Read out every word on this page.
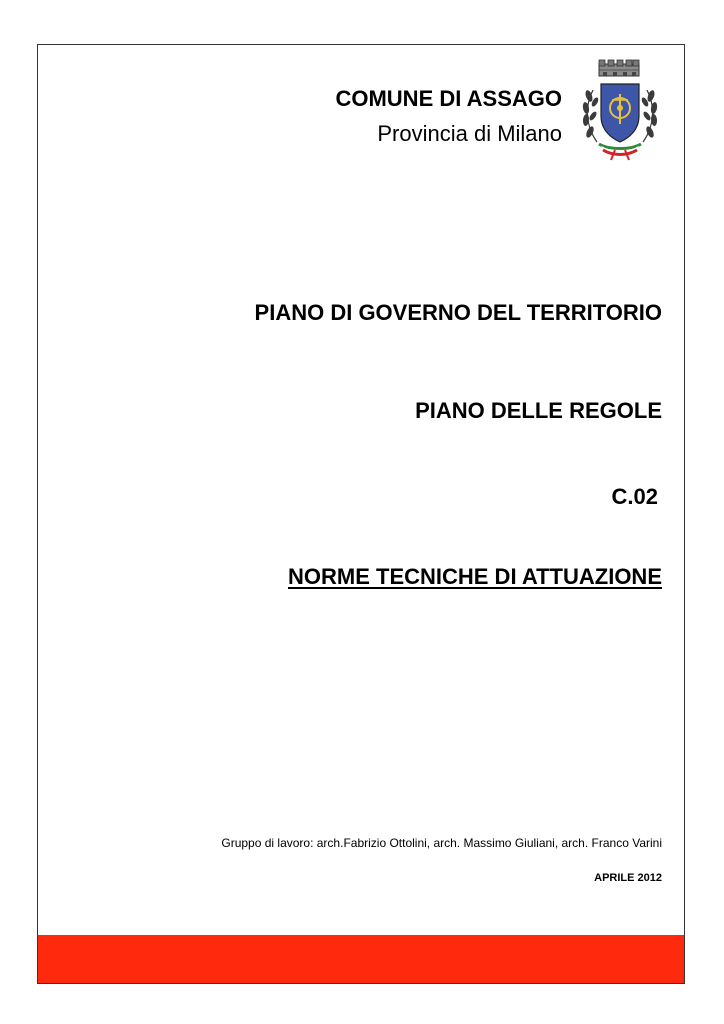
COMUNE DI ASSAGO
Provincia di Milano
PIANO DI GOVERNO DEL TERRITORIO
PIANO DELLE REGOLE
C.02
NORME TECNICHE DI ATTUAZIONE
Gruppo di lavoro: arch.Fabrizio Ottolini, arch. Massimo Giuliani, arch. Franco Varini
APRILE 2012
